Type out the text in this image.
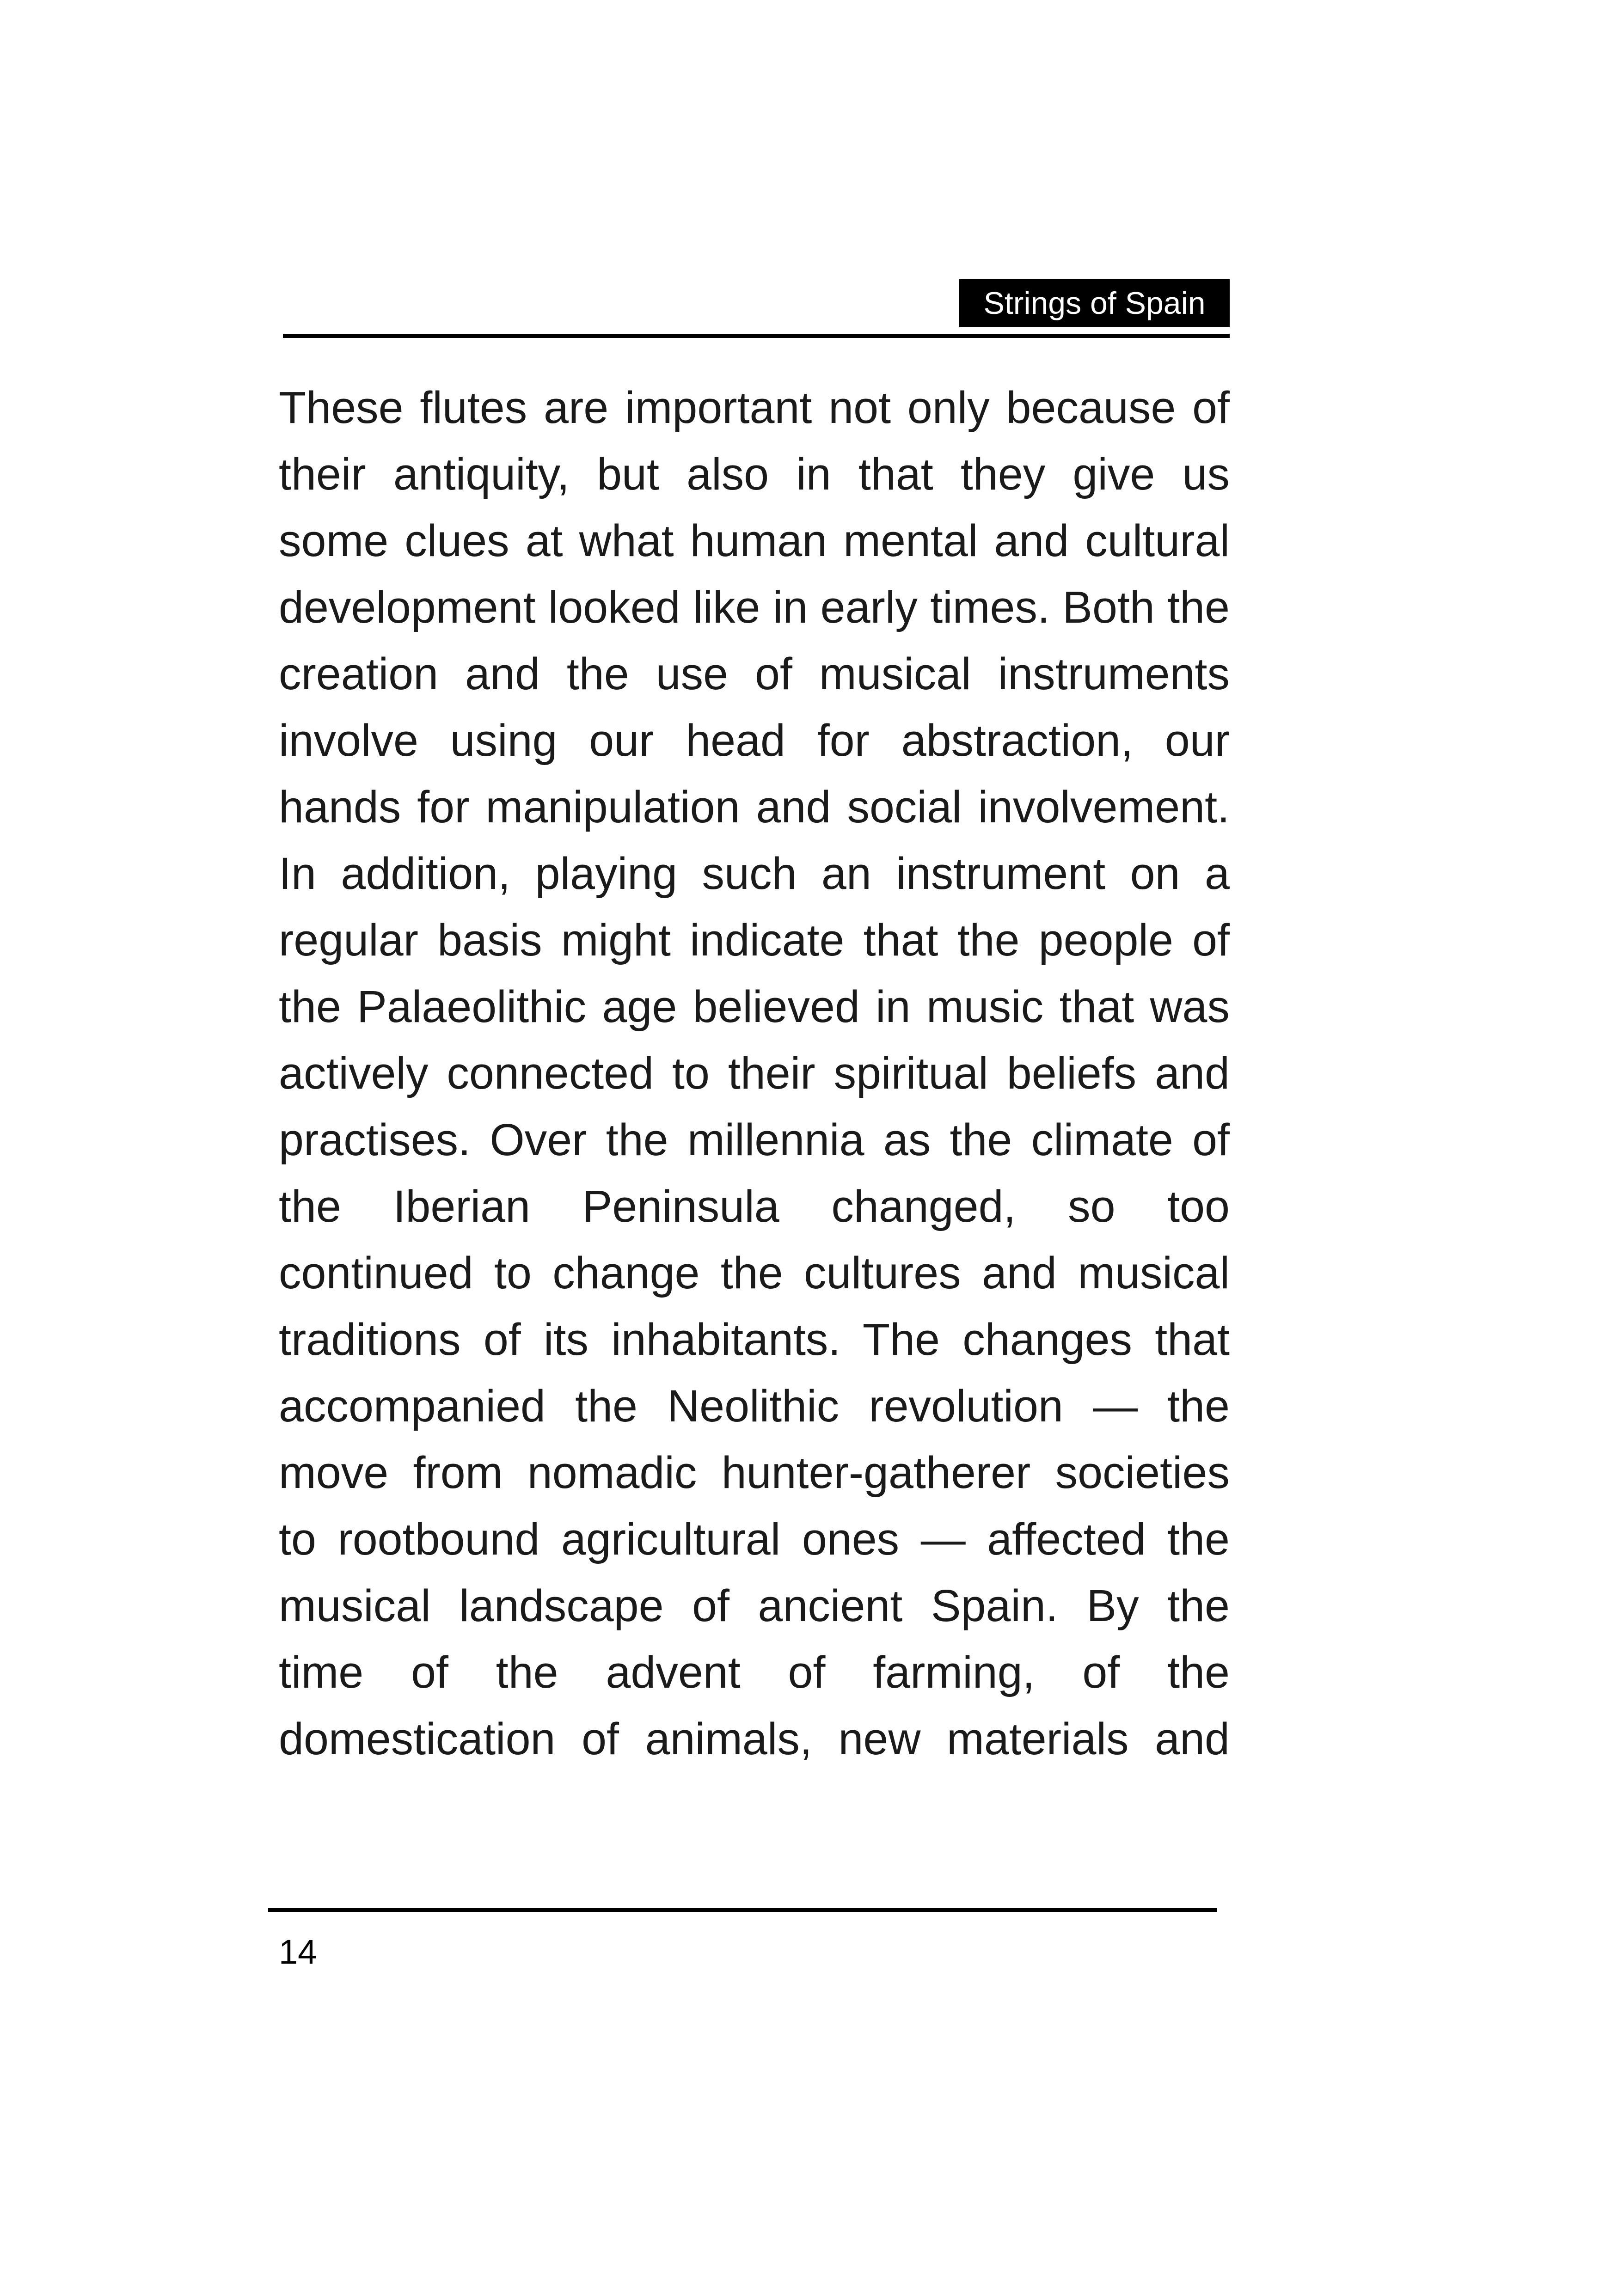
Strings of Spain

These flutes are important not only because of their antiquity, but also in that they give us some clues at what human mental and cultural development looked like in early times. Both the creation and the use of musical instruments involve using our head for abstraction, our hands for manipulation and social involvement. In addition, playing such an instrument on a regular basis might indicate that the people of the Palaeolithic age believed in music that was actively connected to their spiritual beliefs and practises. Over the millennia as the climate of the Iberian Peninsula changed, so too continued to change the cultures and musical traditions of its inhabitants. The changes that accompanied the Neolithic revolution — the move from nomadic hunter-gatherer societies to rootbound agricultural ones — affected the musical landscape of ancient Spain. By the time of the advent of farming, of the domestication of animals, new materials and

14
